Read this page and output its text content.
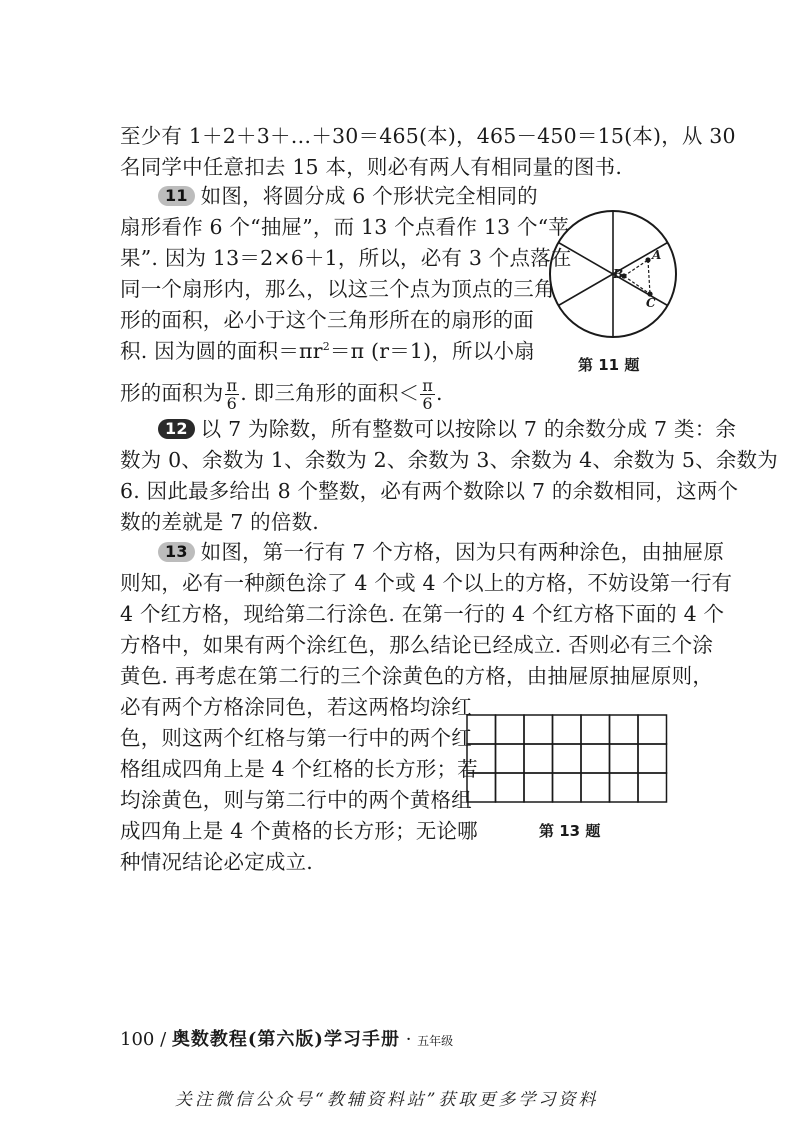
至少有 1＋2＋3＋…＋30＝465(本)，465－450＝15(本)，从 30
名同学中任意扣去 15 本，则必有两人有相同量的图书.
11 如图，将圆分成 6 个形状完全相同的
扇形看作 6 个“抽屉”，而 13 个点看作 13 个“苹
果”. 因为 13＝2×6＋1，所以，必有 3 个点落在
同一个扇形内，那么，以这三个点为顶点的三角
形的面积，必小于这个三角形所在的扇形的面
积. 因为圆的面积$=\pi r^2=\pi$ (r＝1)，所以小扇
形的面积为 $\frac{\pi}{6}$ . 即三角形的面积＜ $\frac{\pi}{6}$ .
A
B
C
第 11 题
12 以 7 为除数，所有整数可以按除以 7 的余数分成 7 类：余
数为 0、余数为 1、余数为 2、余数为 3、余数为 4、余数为 5、余数为
6. 因此最多给出 8 个整数，必有两个数除以 7 的余数相同，这两个
数的差就是 7 的倍数.
13 如图，第一行有 7 个方格，因为只有两种涂色，由抽屉原
则知，必有一种颜色涂了 4 个或 4 个以上的方格，不妨设第一行有
4 个红方格，现给第二行涂色. 在第一行的 4 个红方格下面的 4 个
方格中，如果有两个涂红色，那么结论已经成立. 否则必有三个涂
黄色. 再考虑在第二行的三个涂黄色的方格，由抽屉原抽屉原则，
必有两个方格涂同色，若这两格均涂红
色，则这两个红格与第一行中的两个红
格组成四角上是 4 个红格的长方形；若
均涂黄色，则与第二行中的两个黄格组
成四角上是 4 个黄格的长方形；无论哪
种情况结论必定成立.
第 13 题
100 / 奥数教程(第六版)学习手册 · 五年级
关注微信公众号“教辅资料站”获取更多学习资料
